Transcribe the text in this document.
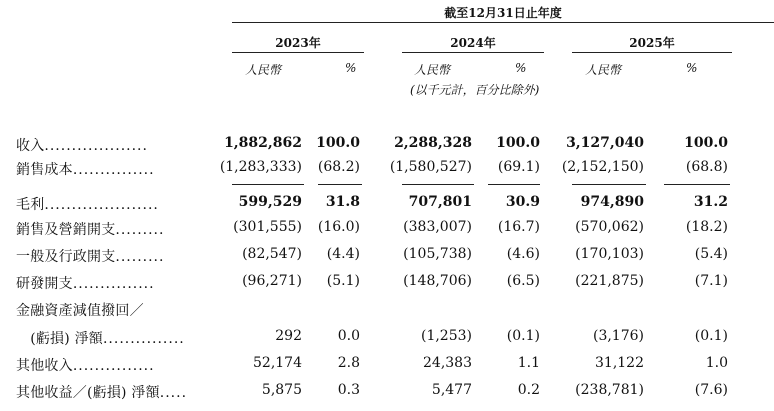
截至12月31日止年度
2023年	2024年	2025年
人民幣	%	人民幣	%	人民幣	%
(以千元計，百分比除外)
收入...................	1,882,862 100.0 2,288,328 100.0 3,127,040	100.0
銷售成本...............	(1,283,333) (68.2) (1,580,527) (69.1) (2,152,150)	(68.8)
毛利.....................	599,529 31.8	707,801 30.9	974,890	31.2
銷售及營銷開支.........	(301,555) (16.0)	(383,007) (16.7)	(570,062)	(18.2)
一般及行政開支.........	(82,547) (4.4)	(105,738) (4.6)	(170,103)	(5.4)
研發開支...............	(96,271) (5.1)	(148,706) (6.5)	(221,875)	(7.1)
金融資產減值撥回／
　(虧損) 淨額...............	292	0.0	(1,253) (0.1)	(3,176)	(0.1)
其他收入...............	52,174	2.8	24,383	1.1	31,122	1.0
其他收益／(虧損) 淨額.....	5,875	0.3	5,477	0.2	(238,781)	(7.6)
